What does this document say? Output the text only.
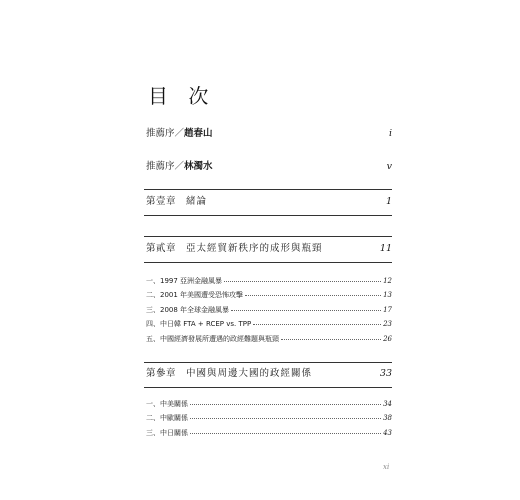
目 次
推薦序／趙春山	i
推薦序／林濁水	v
第壹章 緒論	1
第貳章 亞太經貿新秩序的成形與瓶頸	11
一、1997 亞洲金融風暴	12
二、2001 年美國遭受恐怖攻擊	13
三、2008 年全球金融風暴	17
四、中日韓 FTA + RCEP vs. TPP	23
五、中國經濟發展所遭遇的政經難題與瓶頸	26
第參章 中國與周邊大國的政經關係	33
一、中美關係	34
二、中歐關係	38
三、中日關係	43
xi
